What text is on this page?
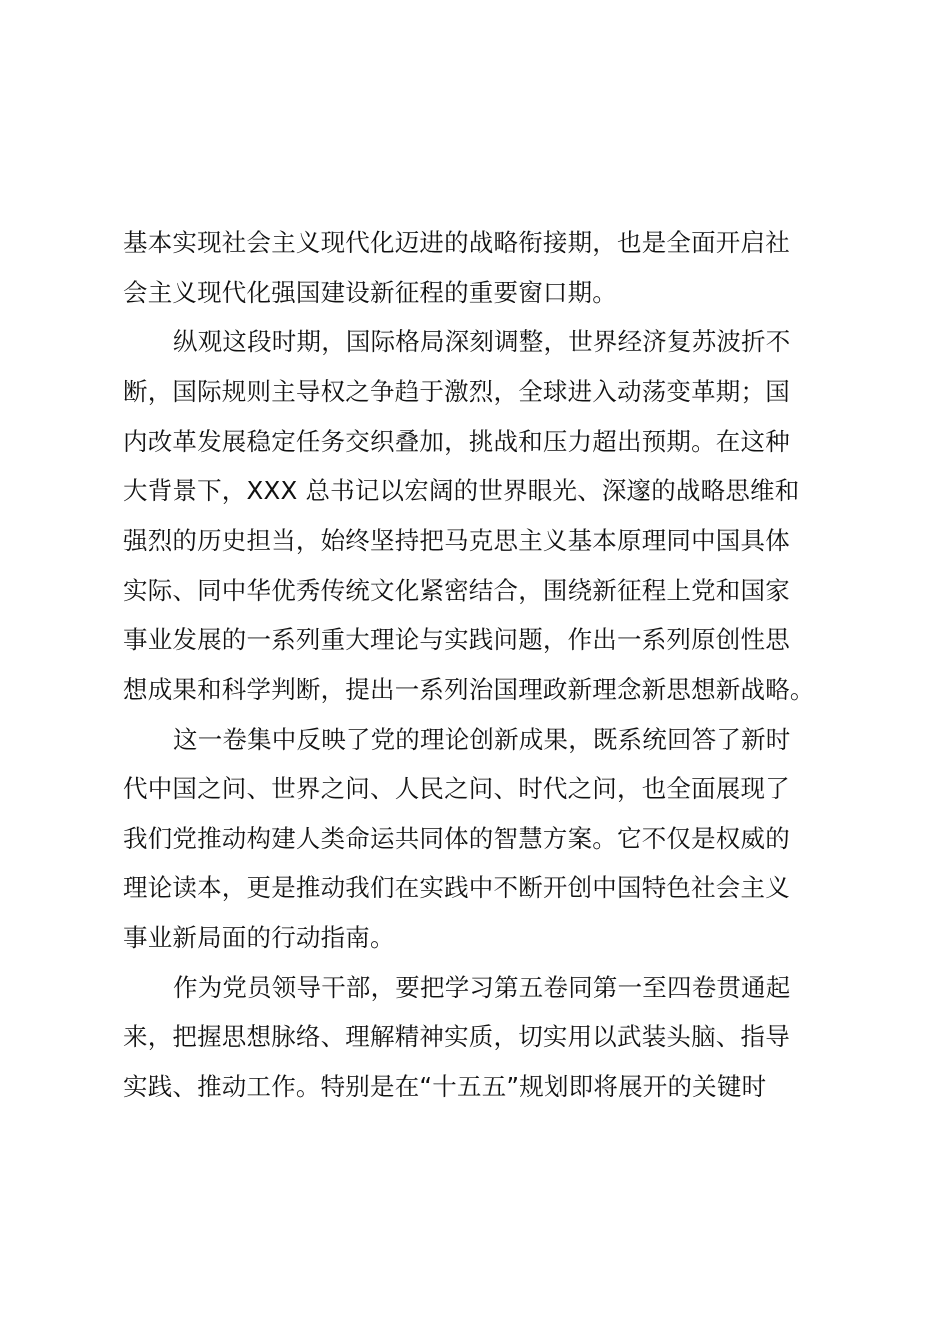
基本实现社会主义现代化迈进的战略衔接期，也是全面开启社
会主义现代化强国建设新征程的重要窗口期。
纵观这段时期，国际格局深刻调整，世界经济复苏波折不
断，国际规则主导权之争趋于激烈，全球进入动荡变革期；国
内改革发展稳定任务交织叠加，挑战和压力超出预期。在这种
大背景下，XXX 总书记以宏阔的世界眼光、深邃的战略思维和
强烈的历史担当，始终坚持把马克思主义基本原理同中国具体
实际、同中华优秀传统文化紧密结合，围绕新征程上党和国家
事业发展的一系列重大理论与实践问题，作出一系列原创性思
想成果和科学判断，提出一系列治国理政新理念新思想新战略。
这一卷集中反映了党的理论创新成果，既系统回答了新时
代中国之问、世界之问、人民之问、时代之问，也全面展现了
我们党推动构建人类命运共同体的智慧方案。它不仅是权威的
理论读本，更是推动我们在实践中不断开创中国特色社会主义
事业新局面的行动指南。
作为党员领导干部，要把学习第五卷同第一至四卷贯通起
来，把握思想脉络、理解精神实质，切实用以武装头脑、指导
实践、推动工作。特别是在“十五五”规划即将展开的关键时
